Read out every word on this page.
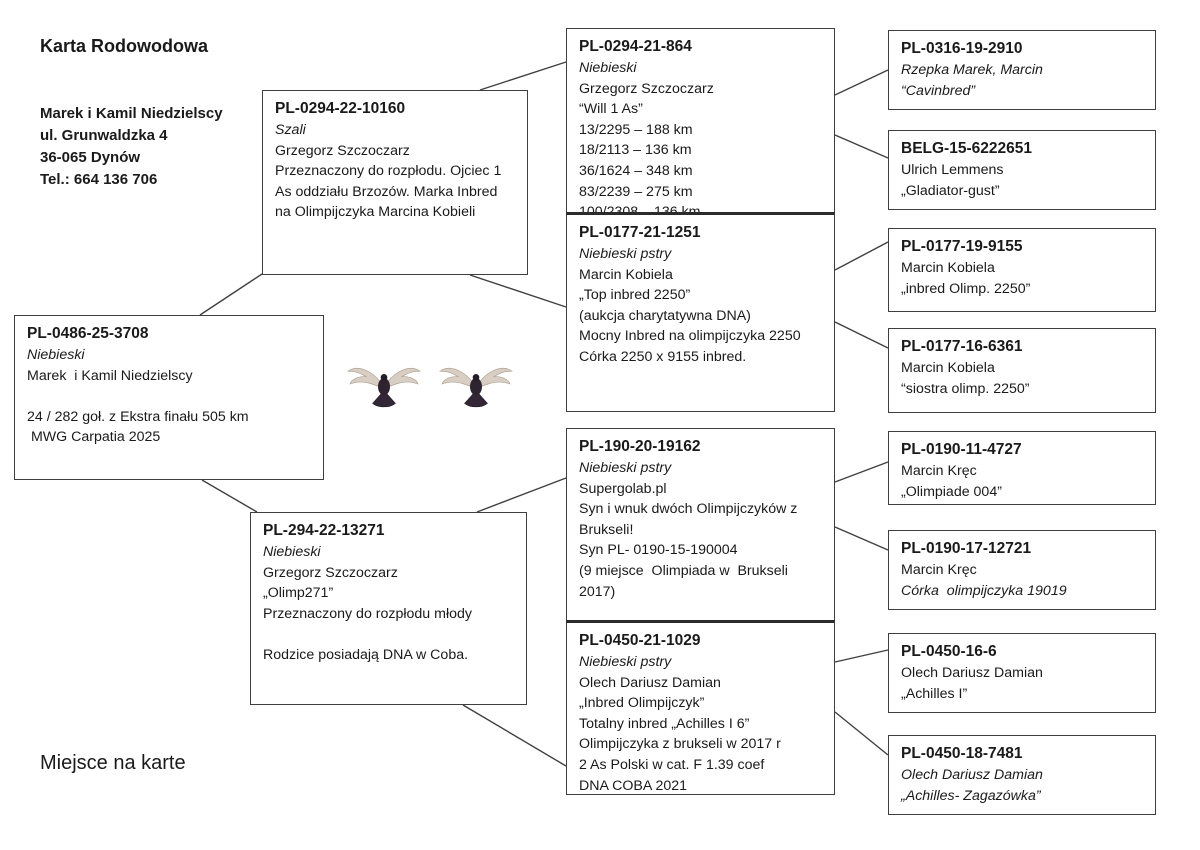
Karta Rodowodowa
Marek i Kamil Niedzielscy
ul. Grunwaldzka 4
36-065 Dynów
Tel.: 664 136 706
PL-0486-25-3708
Niebieski
Marek  i Kamil Niedzielscy
24 / 282 goł. z Ekstra finału 505 km
MWG Carpatia 2025
PL-0294-22-10160
Szali
Grzegorz Szczoczarz
Przeznaczony do rozpłodu. Ojciec 1 As oddziału Brzozów. Marka Inbred na Olimpijczyka Marcina Kobieli
PL-294-22-13271
Niebieski
Grzegorz Szczoczarz
„Olimp271”
Przeznaczony do rozpłodu młody
Rodzice posiadają DNA w Coba.
PL-0294-21-864
Niebieski
Grzegorz Szczoczarz
“Will 1 As”
13/2295 – 188 km
18/2113 – 136 km
36/1624 – 348 km
83/2239 – 275 km
PL-0177-21-1251
Niebieski pstry
Marcin Kobiela
„Top inbred 2250”
(aukcja charytatywna DNA)
Mocny Inbred na olimpijczyka 2250
Córka 2250 x 9155 inbred.
PL-190-20-19162
Niebieski pstry
Supergolab.pl
Syn i wnuk dwóch Olimpijczyków z Brukseli!
Syn PL- 0190-15-190004
(9 miejsce  Olimpiada w  Brukseli 2017)
PL-0450-21-1029
Niebieski pstry
Olech Dariusz Damian
„Inbred Olimpijczyk”
Totalny inbred „Achilles I 6”
Olimpijczyka z brukseli w 2017 r
2 As Polski w cat. F 1.39 coef
DNA COBA 2021
PL-0316-19-2910
Rzepka Marek, Marcin
“Cavinbred”
BELG-15-6222651
Ulrich Lemmens
„Gladiator-gust”
PL-0177-19-9155
Marcin Kobiela
„inbred Olimp. 2250”
PL-0177-16-6361
Marcin Kobiela
“siostra olimp. 2250”
PL-0190-11-4727
Marcin Kręc
„Olimpiade 004”
PL-0190-17-12721
Marcin Kręc
Córka  olimpijczyka 19019
PL-0450-16-6
Olech Dariusz Damian
„Achilles I”
PL-0450-18-7481
Olech Dariusz Damian
„Achilles- Zagazówka”
Miejsce na karte
